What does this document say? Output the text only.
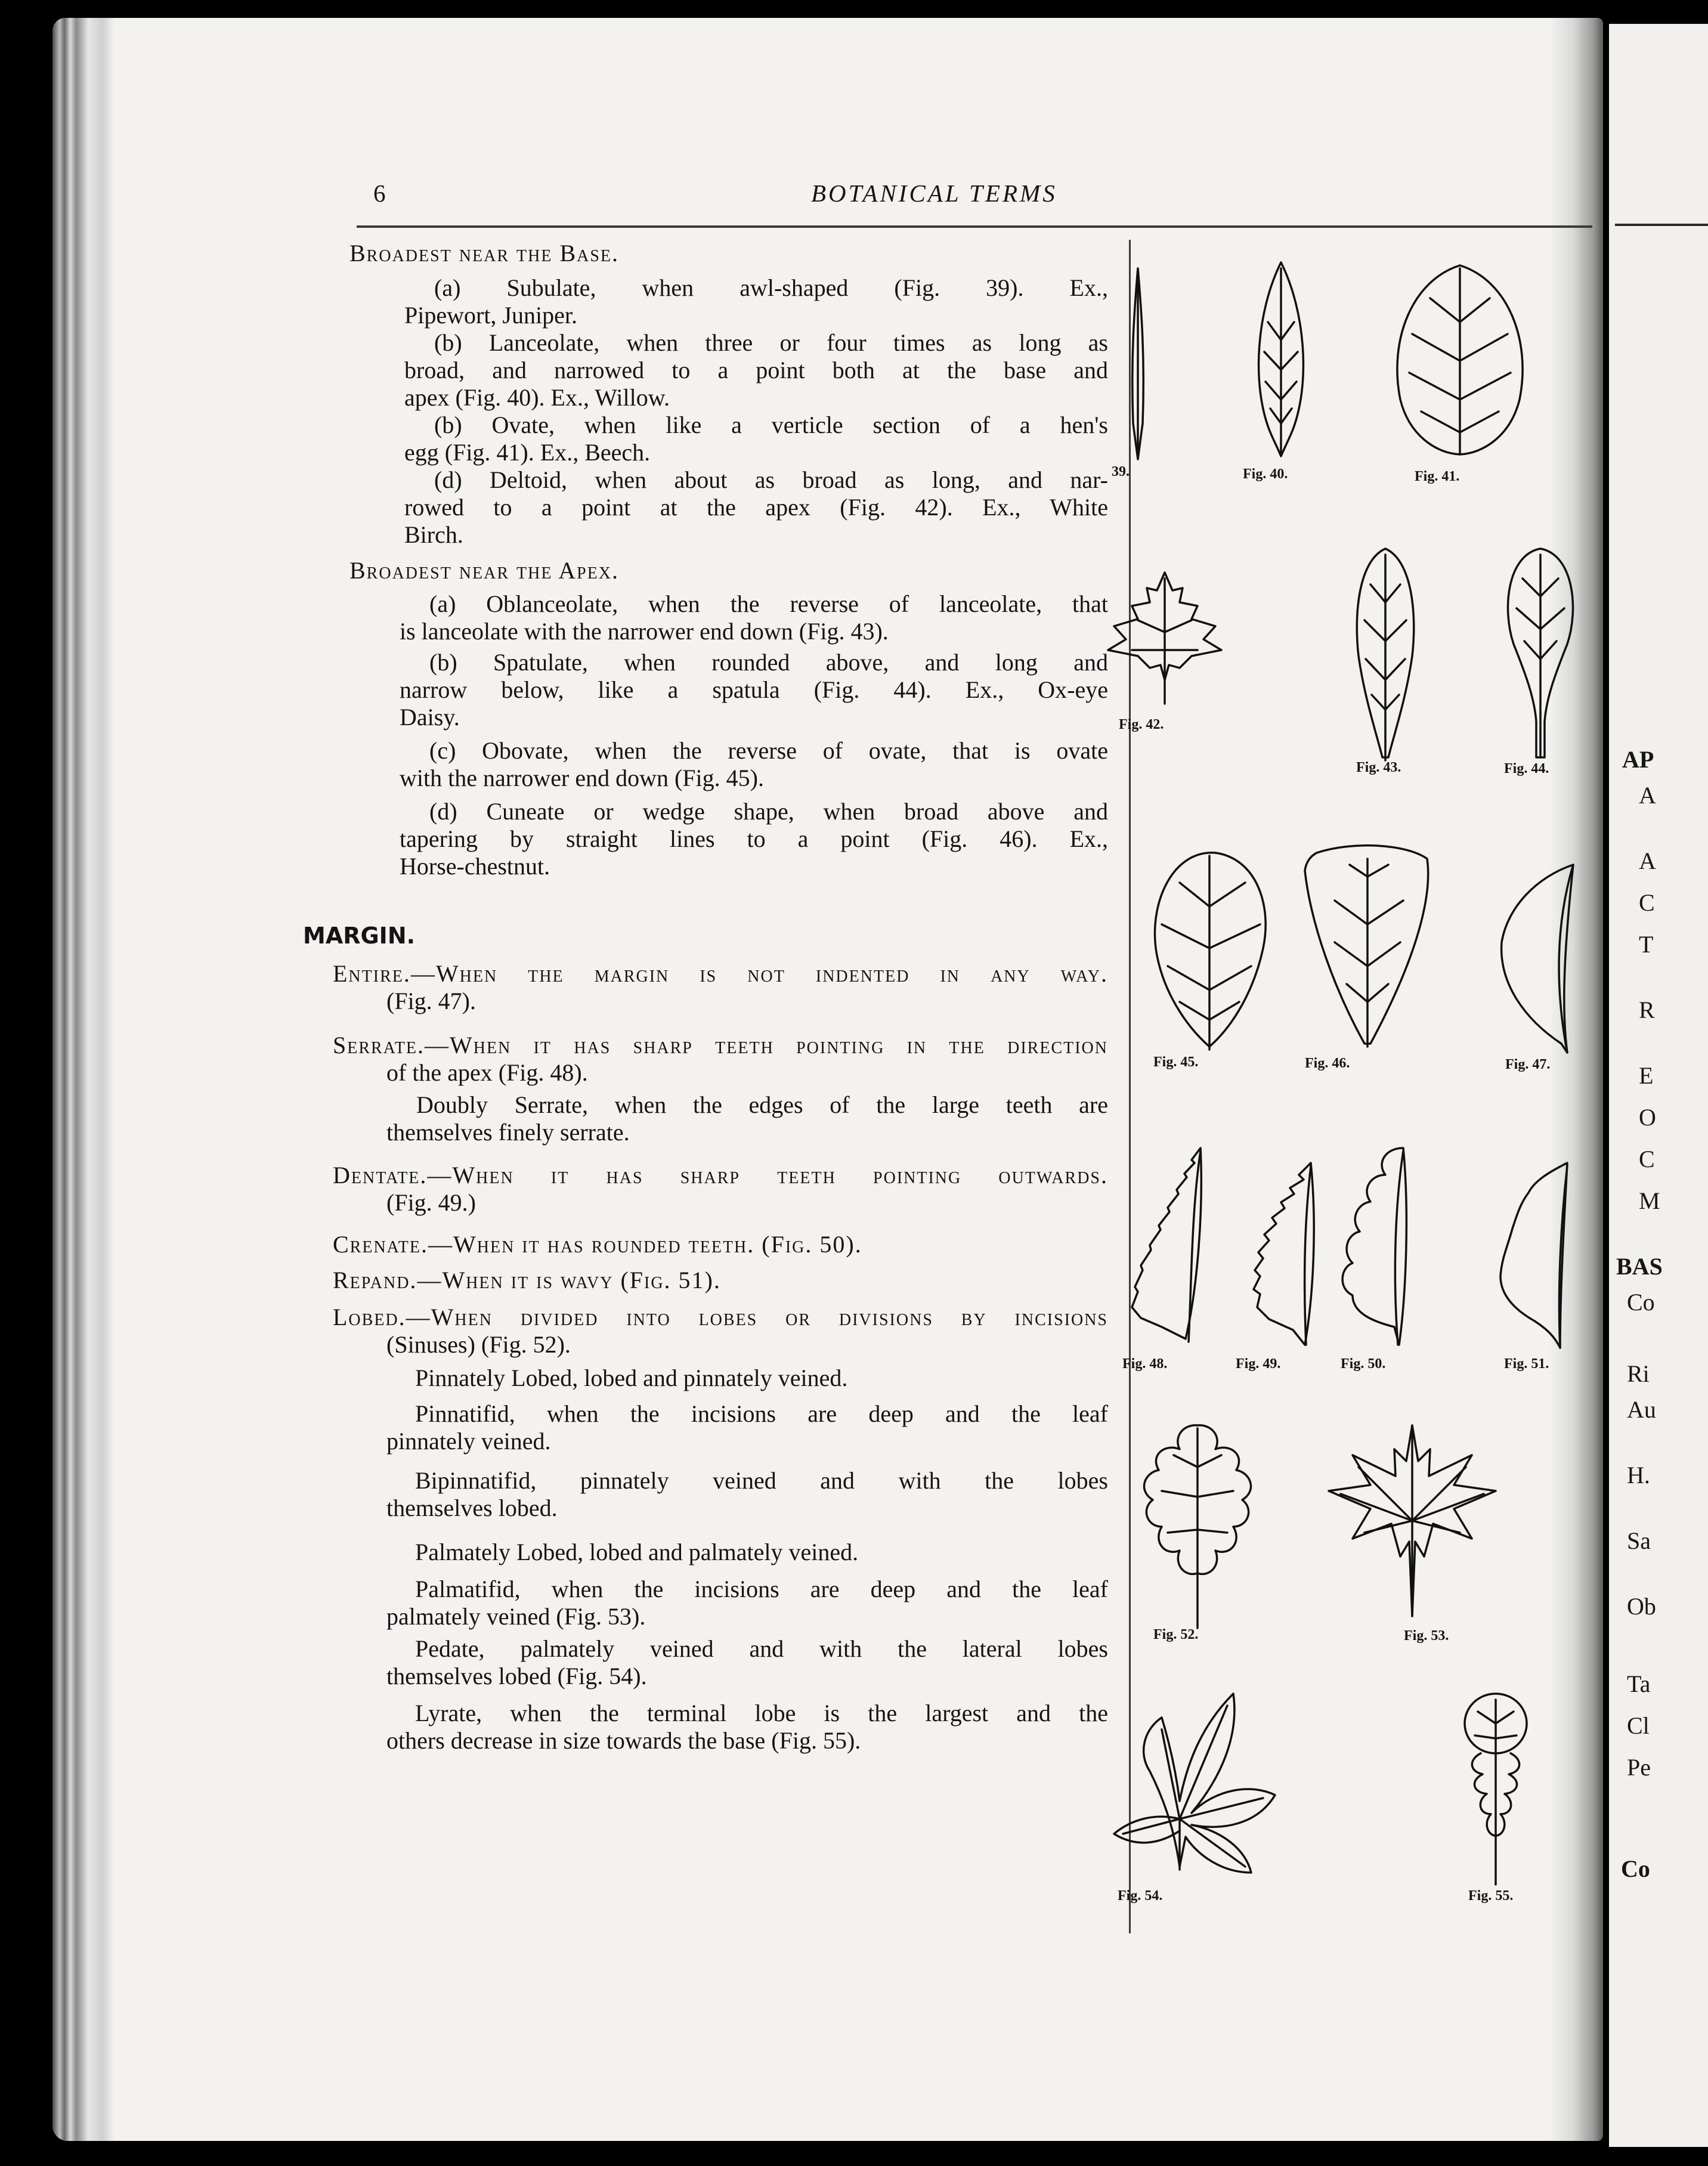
6	BOTANICAL TERMS
Broadest near the Base.
(a) Subulate, when awl-shaped (Fig. 39). Ex.,
Pipewort, Juniper.
(b) Lanceolate, when three or four times as long as
broad, and narrowed to a point both at the base and
apex (Fig. 40). Ex., Willow.
(b) Ovate, when like a verticle section of a hen's
egg (Fig. 41). Ex., Beech.
(d) Deltoid, when about as broad as long, and nar-
rowed to a point at the apex (Fig. 42). Ex., White
Birch.
Broadest near the Apex.
(a) Oblanceolate, when the reverse of lanceolate, that
is lanceolate with the narrower end down (Fig. 43).
(b) Spatulate, when rounded above, and long and
narrow below, like a spatula (Fig. 44). Ex., Ox-eye
Daisy.
(c) Obovate, when the reverse of ovate, that is ovate
with the narrower end down (Fig. 45).
(d) Cuneate or wedge shape, when broad above and
tapering by straight lines to a point (Fig. 46). Ex.,
Horse-chestnut.
MARGIN.
Entire.—When the margin is not indented in any way.
(Fig. 47).
Serrate.—When it has sharp teeth pointing in the direction
of the apex (Fig. 48).
Doubly Serrate, when the edges of the large teeth are
themselves finely serrate.
Dentate.—When it has sharp teeth pointing outwards.
(Fig. 49.)
Crenate.—When it has rounded teeth. (Fig. 50).
Repand.—When it is wavy (Fig. 51).
Lobed.—When divided into lobes or divisions by incisions
(Sinuses) (Fig. 52).
Pinnately Lobed, lobed and pinnately veined.
Pinnatifid, when the incisions are deep and the leaf
pinnately veined.
Bipinnatifid, pinnately veined and with the lobes
themselves lobed.
Palmately Lobed, lobed and palmately veined.
Palmatifid, when the incisions are deep and the leaf
palmately veined (Fig. 53).
Pedate, palmately veined and with the lateral lobes
themselves lobed (Fig. 54).
Lyrate, when the terminal lobe is the largest and the
others decrease in size towards the base (Fig. 55).
39.	Fig. 40.	Fig. 41.
Fig. 42.
Fig. 43.	Fig. 44.
Fig. 45.	Fig. 46.	Fig. 47.
Fig. 48.	Fig. 49.	Fig. 50.	Fig. 51.
Fig. 52.	Fig. 53.
Fig. 54.	Fig. 55.
AP
A
A
C
T
R
E
O
C
M
BAS
Co
Ri
Au
H.
Sa
Ob
Ta
Cl
Pe
Co
